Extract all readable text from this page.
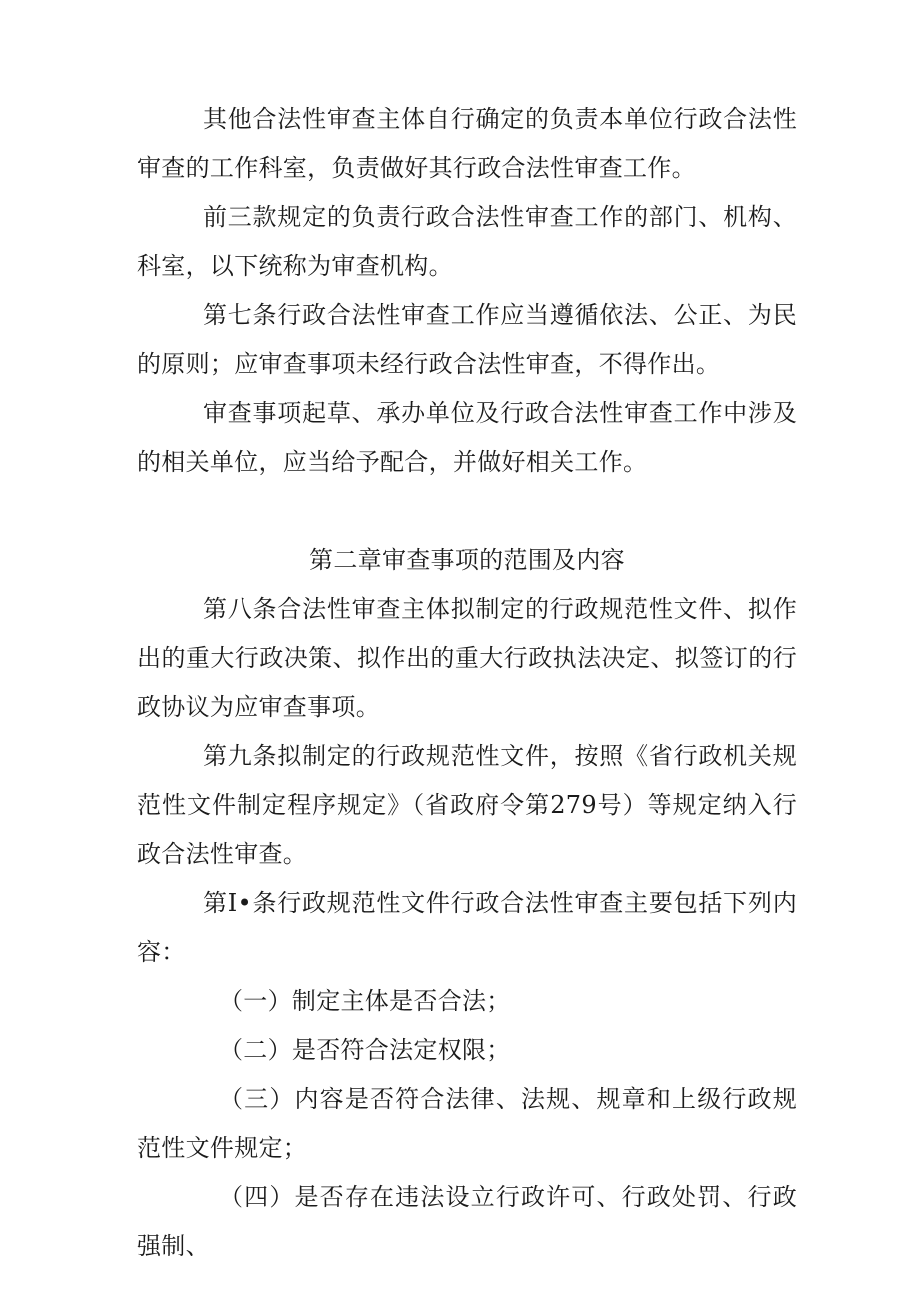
其他合法性审查主体自行确定的负责本单位行政合法性审查的工作科室，负责做好其行政合法性审查工作。

前三款规定的负责行政合法性审查工作的部门、机构、科室，以下统称为审查机构。

第七条行政合法性审查工作应当遵循依法、公正、为民的原则；应审查事项未经行政合法性审查，不得作出。

审查事项起草、承办单位及行政合法性审查工作中涉及的相关单位，应当给予配合，并做好相关工作。

第二章审查事项的范围及内容

第八条合法性审查主体拟制定的行政规范性文件、拟作出的重大行政决策、拟作出的重大行政执法决定、拟签订的行政协议为应审查事项。

第九条拟制定的行政规范性文件，按照《省行政机关规范性文件制定程序规定》（省政府令第279号）等规定纳入行政合法性审查。

第I•条行政规范性文件行政合法性审查主要包括下列内容：

（一）制定主体是否合法；

（二）是否符合法定权限；

（三）内容是否符合法律、法规、规章和上级行政规范性文件规定；

（四）是否存在违法设立行政许可、行政处罚、行政强制、
